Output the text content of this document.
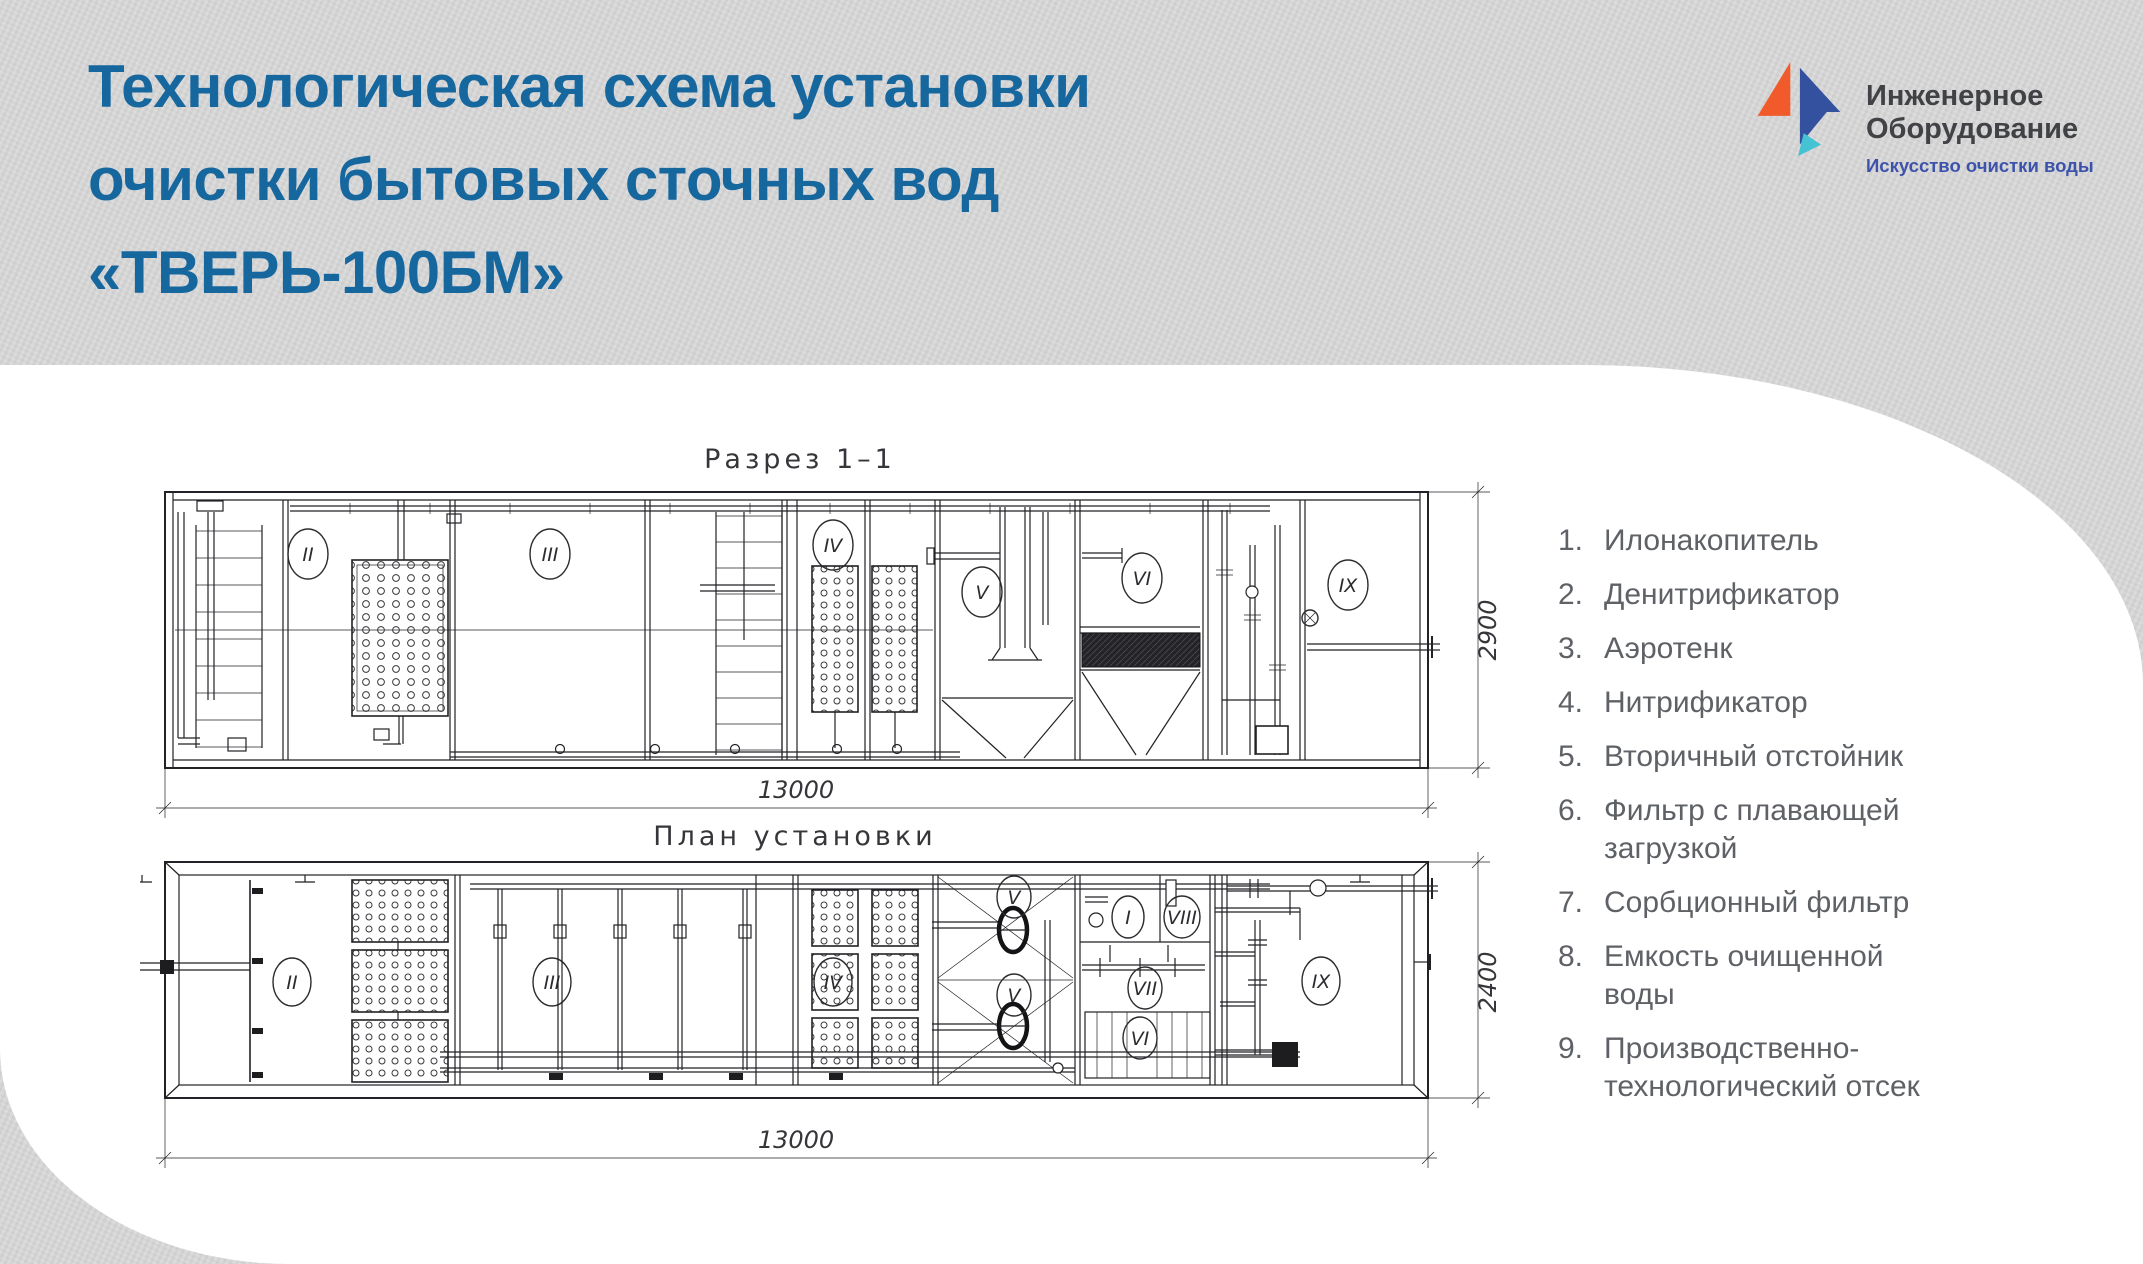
Технологическая схема установки
очистки бытовых сточных вод
«ТВЕРЬ-100БМ»
Инженерное
Оборудование
Искусство очистки воды
Разрез 1–1
II	III	IV
V
VI	IX
2900
13000
План установки
II	III	IV
V
V
I VIII
VII
VI
IX	2400
13000
1. Илонакопитель
2. Денитрификатор
3. Аэротенк
4. Нитрификатор
5. Вторичный отстойник
6. Фильтр с плавающей загрузкой
7. Сорбционный фильтр
8. Емкость очищенной воды
9. Производственно-технологический отсек
